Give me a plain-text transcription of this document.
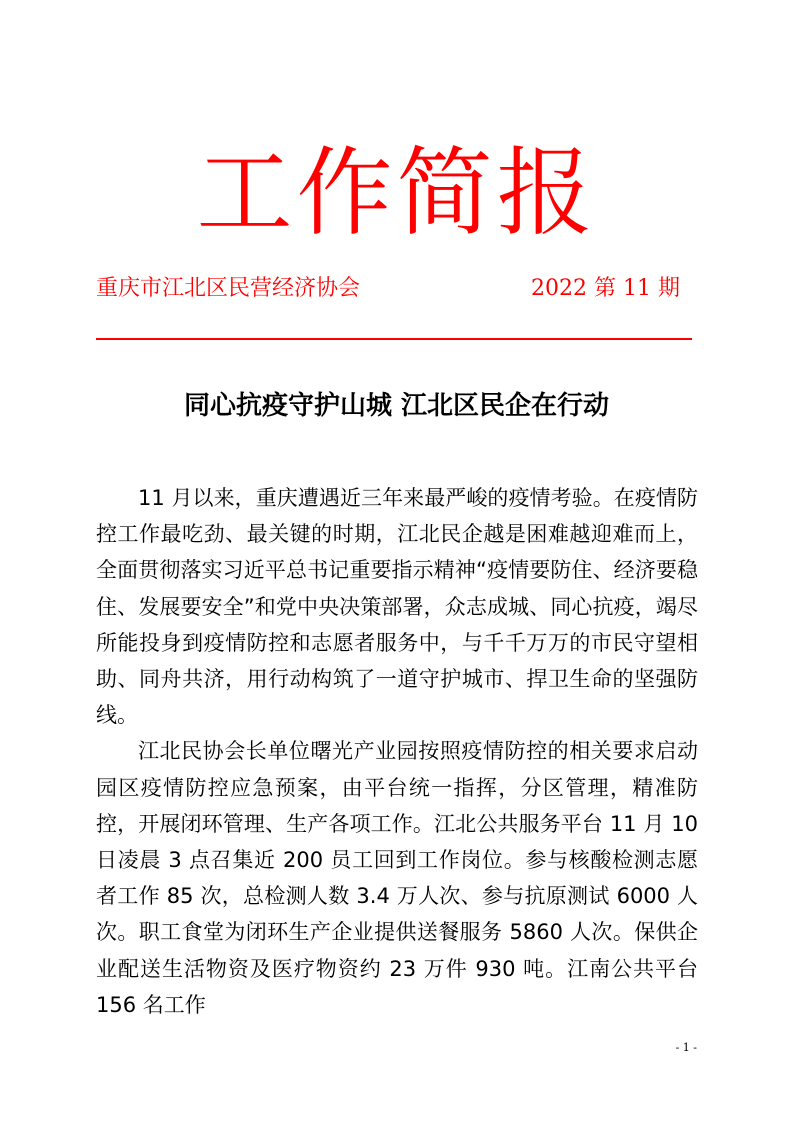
工作简报
重庆市江北区民营经济协会	2022 第 11 期
同心抗疫守护山城 江北区民企在行动

11 月以来，重庆遭遇近三年来最严峻的疫情考验。在疫情防控工作最吃劲、最关键的时期，江北民企越是困难越迎难而上，全面贯彻落实习近平总书记重要指示精神“疫情要防住、经济要稳住、发展要安全”和党中央决策部署，众志成城、同心抗疫，竭尽所能投身到疫情防控和志愿者服务中，与千千万万的市民守望相助、同舟共济，用行动构筑了一道守护城市、捍卫生命的坚强防线。

江北民协会长单位曙光产业园按照疫情防控的相关要求启动园区疫情防控应急预案，由平台统一指挥，分区管理，精准防控，开展闭环管理、生产各项工作。江北公共服务平台 11 月 10 日凌晨 3 点召集近 200 员工回到工作岗位。参与核酸检测志愿者工作 85 次，总检测人数 3.4 万人次、参与抗原测试 6000 人次。职工食堂为闭环生产企业提供送餐服务 5860 人次。保供企业配送生活物资及医疗物资约 23 万件 930 吨。江南公共平台 156 名工作

- 1 -
